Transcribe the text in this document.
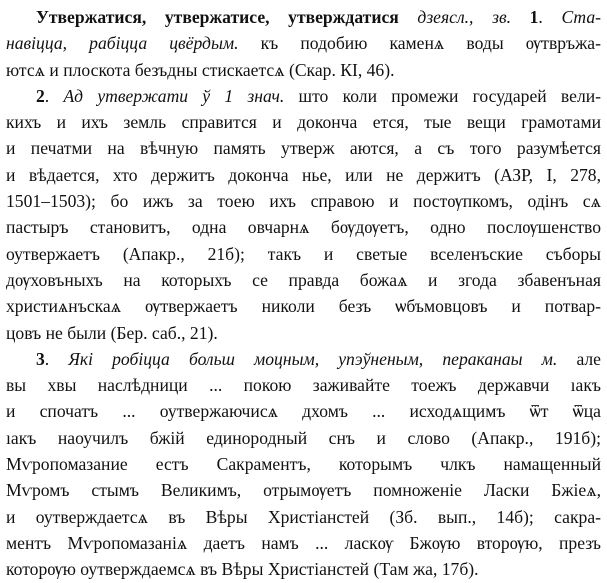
Утвержатися, утвержатисе, утверждатися дзеясл., зв. 1. Ста-
навіцца, рабіцца цвёрдым. къ подобию каменѧ воды ѹтвръжа-
ютсѧ и плоскота безъдны стискаетсѧ (Скар. КІ, 46).

2. Ад утвержати ў 1 знач. што коли промежи государей вели-
кихъ и ихъ земль справится и доконча ется, тые вещи грамотами
и печатми на вѣчную память утверж аются, а съ того разумѣется
и вѣдается, хто держитъ доконча нье, или не держитъ (АЗР, I, 278,
1501–1503); бо ижъ за тоею ихъ справою и постѹпкомъ, одінъ сѧ
пастыръ становитъ, одна овчарнѧ бѹдѹетъ, одно послѹшенство
оутвержаетъ (Апакр., 21б); такъ и светые вселенъские съборы
дѹховъныхъ на которыхъ се правда божаѧ и згода збавенъная
христиѧнъскаѧ ѹтвержаетъ николи безъ ѡбъмовцовъ и потвар-
цовъ не были (Бер. саб., 21).

3. Які робіцца больш моцным, упэўненым, пераканаы м. але
вы хвы наслѣдници ... покою заживайте тоежъ державчи ıакъ
и спочатъ ... оутвержаючисѧ дхомъ ... исходѧщимъ ѿт ѿца
ıакъ наоучилъ бжій единородный снъ и слово (Апакр., 191б);
Мѵропомазание естъ Сакраментъ, которымъ члкъ намащенный
Мѵромъ стымъ Великимъ, отрымѹетъ помноженіе Ласки Бжіеѧ,
и оутверждаетсѧ въ Вѣры Христіанстей (Зб. вып., 14б); сакра-
ментъ Мѵропомазаніѧ даетъ намъ ... ласкѹ Бжѹю вторѹю, презъ
которѹю оутверждаемсѧ въ Вѣры Христіанстей (Там жа, 17б).
